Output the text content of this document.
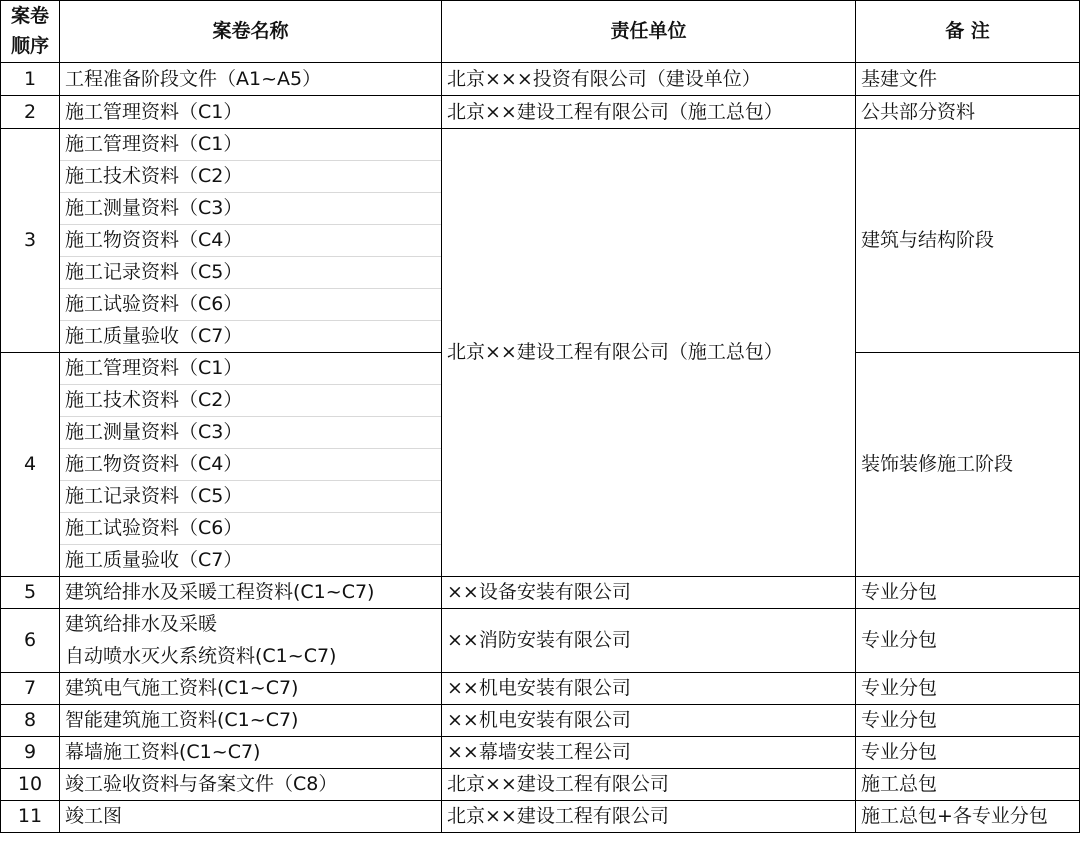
案卷	案卷名称	责任单位	备 注
顺序			
1	工程准备阶段文件（A1~A5）	北京×××投资有限公司（建设单位）	基建文件
2	施工管理资料（C1）	北京××建设工程有限公司（施工总包）	公共部分资料
3	施工管理资料（C1）	北京××建设工程有限公司（施工总包）	建筑与结构阶段
	施工技术资料（C2）		
	施工测量资料（C3）		
	施工物资资料（C4）		
	施工记录资料（C5）		
	施工试验资料（C6）		
	施工质量验收（C7）		
4	施工管理资料（C1）		装饰装修施工阶段
	施工技术资料（C2）		
	施工测量资料（C3）		
	施工物资资料（C4）		
	施工记录资料（C5）		
	施工试验资料（C6）		
	施工质量验收（C7）		
5	建筑给排水及采暖工程资料(C1~C7)	××设备安装有限公司	专业分包
6	建筑给排水及采暖	××消防安装有限公司	专业分包
	自动喷水灭火系统资料(C1~C7)		
7	建筑电气施工资料(C1~C7)	××机电安装有限公司	专业分包
8	智能建筑施工资料(C1~C7)	××机电安装有限公司	专业分包
9	幕墙施工资料(C1~C7)	××幕墙安装工程公司	专业分包
10	竣工验收资料与备案文件（C8）	北京××建设工程有限公司	施工总包
11	竣工图	北京××建设工程有限公司	施工总包+各专业分包
